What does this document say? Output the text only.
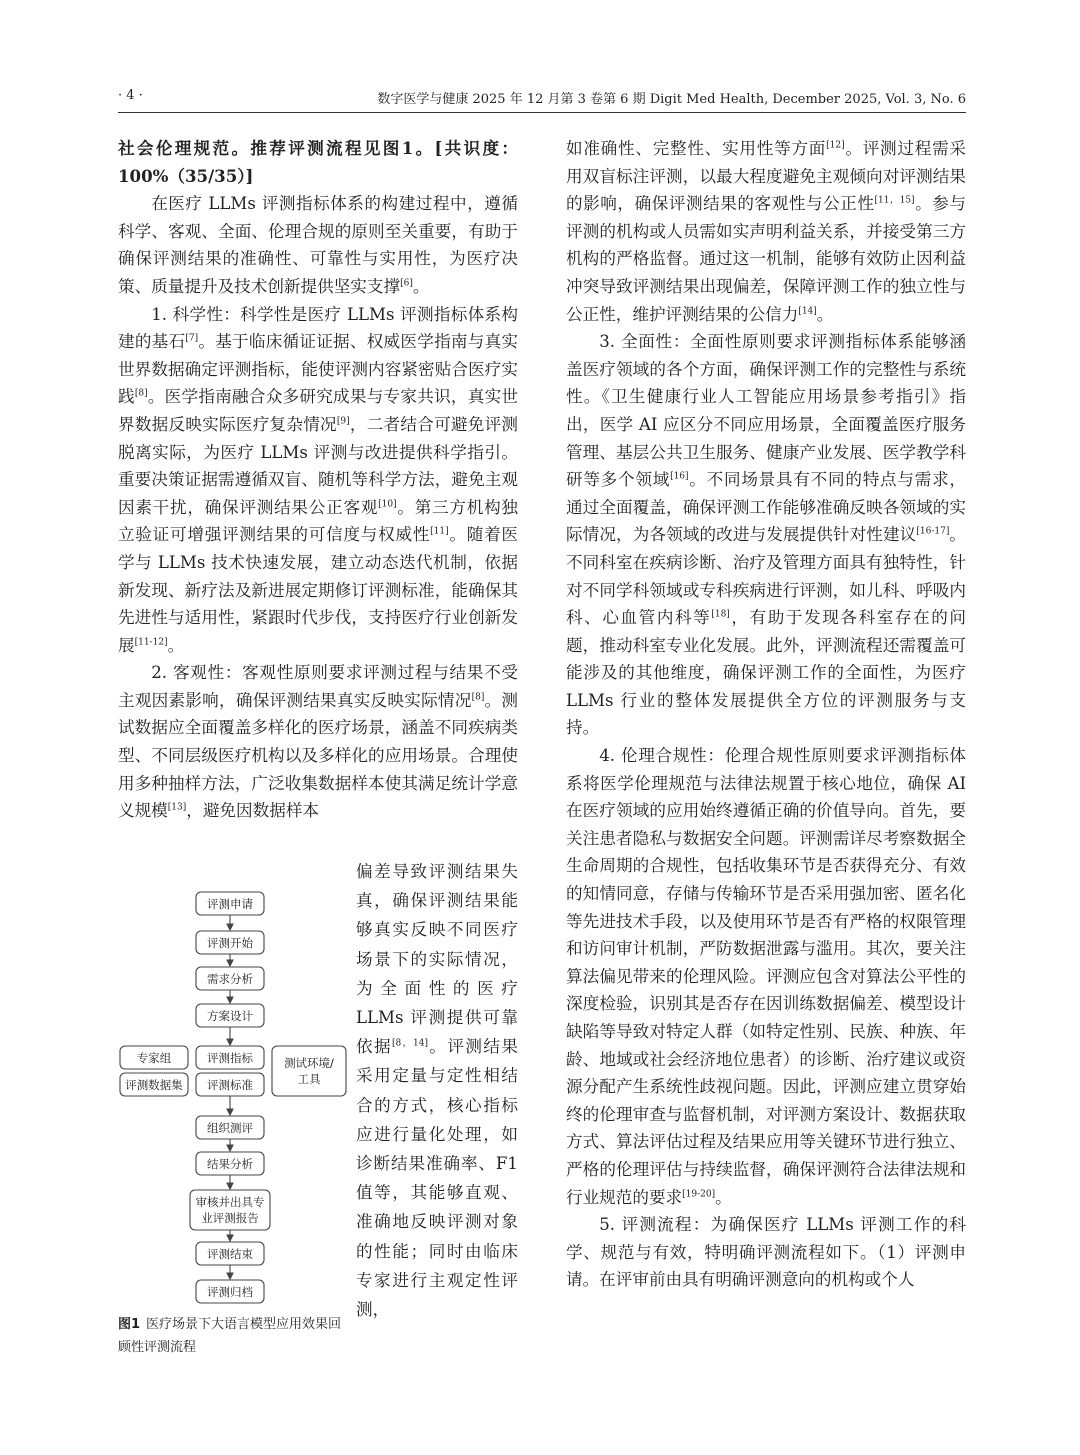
· 4 ·	数字医学与健康 2025 年 12 月第 3 卷第 6 期 Digit Med Health, December 2025, Vol. 3, No. 6

社会伦理规范。推荐评测流程见图1。[共识度：100%（35/35）]

在医疗 LLMs 评测指标体系的构建过程中，遵循科学、客观、全面、伦理合规的原则至关重要，有助于确保评测结果的准确性、可靠性与实用性，为医疗决策、质量提升及技术创新提供坚实支撑[6]。

1. 科学性：科学性是医疗 LLMs 评测指标体系构建的基石[7]。基于临床循证证据、权威医学指南与真实世界数据确定评测指标，能使评测内容紧密贴合医疗实践[8]。医学指南融合众多研究成果与专家共识，真实世界数据反映实际医疗复杂情况[9]，二者结合可避免评测脱离实际，为医疗 LLMs 评测与改进提供科学指引。重要决策证据需遵循双盲、随机等科学方法，避免主观因素干扰，确保评测结果公正客观[10]。第三方机构独立验证可增强评测结果的可信度与权威性[11]。随着医学与 LLMs 技术快速发展，建立动态迭代机制，依据新发现、新疗法及新进展定期修订评测标准，能确保其先进性与适用性，紧跟时代步伐，支持医疗行业创新发展[11-12]。

2. 客观性：客观性原则要求评测过程与结果不受主观因素影响，确保评测结果真实反映实际情况[8]。测试数据应全面覆盖多样化的医疗场景，涵盖不同疾病类型、不同层级医疗机构以及多样化的应用场景。合理使用多种抽样方法，广泛收集数据样本使其满足统计学意义规模[13]，避免因数据样本

偏差导致评测结果失真，确保评测结果能够真实反映不同医疗场景下的实际情况，为全面性的医疗 LLMs 评测提供可靠依据[8，14]。评测结果采用定量与定性相结合的方式，核心指标应进行量化处理，如诊断结果准确率、F1 值等，其能够直观、准确地反映评测对象的性能；同时由临床专家进行主观定性评测，

评测申请
评测开始
需求分析
方案设计
评测指标
评测标准
组织测评
结果分析
审核并出具专
业评测报告
评测结束
评测归档
专家组
评测数据集
测试环境/
工具
图1 医疗场景下大语言模型应用效果回顾性评测流程

如准确性、完整性、实用性等方面[12]。评测过程需采用双盲标注评测，以最大程度避免主观倾向对评测结果的影响，确保评测结果的客观性与公正性[11，15]。参与评测的机构或人员需如实声明利益关系，并接受第三方机构的严格监督。通过这一机制，能够有效防止因利益冲突导致评测结果出现偏差，保障评测工作的独立性与公正性，维护评测结果的公信力[14]。

3. 全面性：全面性原则要求评测指标体系能够涵盖医疗领域的各个方面，确保评测工作的完整性与系统性。《卫生健康行业人工智能应用场景参考指引》指出，医学 AI 应区分不同应用场景，全面覆盖医疗服务管理、基层公共卫生服务、健康产业发展、医学教学科研等多个领域[16]。不同场景具有不同的特点与需求，通过全面覆盖，确保评测工作能够准确反映各领域的实际情况，为各领域的改进与发展提供针对性建议[16-17]。不同科室在疾病诊断、治疗及管理方面具有独特性，针对不同学科领域或专科疾病进行评测，如儿科、呼吸内科、心血管内科等[18]，有助于发现各科室存在的问题，推动科室专业化发展。此外，评测流程还需覆盖可能涉及的其他维度，确保评测工作的全面性，为医疗 LLMs 行业的整体发展提供全方位的评测服务与支持。

4. 伦理合规性：伦理合规性原则要求评测指标体系将医学伦理规范与法律法规置于核心地位，确保 AI 在医疗领域的应用始终遵循正确的价值导向。首先，要关注患者隐私与数据安全问题。评测需详尽考察数据全生命周期的合规性，包括收集环节是否获得充分、有效的知情同意，存储与传输环节是否采用强加密、匿名化等先进技术手段，以及使用环节是否有严格的权限管理和访问审计机制，严防数据泄露与滥用。其次，要关注算法偏见带来的伦理风险。评测应包含对算法公平性的深度检验，识别其是否存在因训练数据偏差、模型设计缺陷等导致对特定人群（如特定性别、民族、种族、年龄、地域或社会经济地位患者）的诊断、治疗建议或资源分配产生系统性歧视问题。因此，评测应建立贯穿始终的伦理审查与监督机制，对评测方案设计、数据获取方式、算法评估过程及结果应用等关键环节进行独立、严格的伦理评估与持续监督，确保评测符合法律法规和行业规范的要求[19-20]。

5. 评测流程：为确保医疗 LLMs 评测工作的科学、规范与有效，特明确评测流程如下。（1）评测申请。在评审前由具有明确评测意向的机构或个人
